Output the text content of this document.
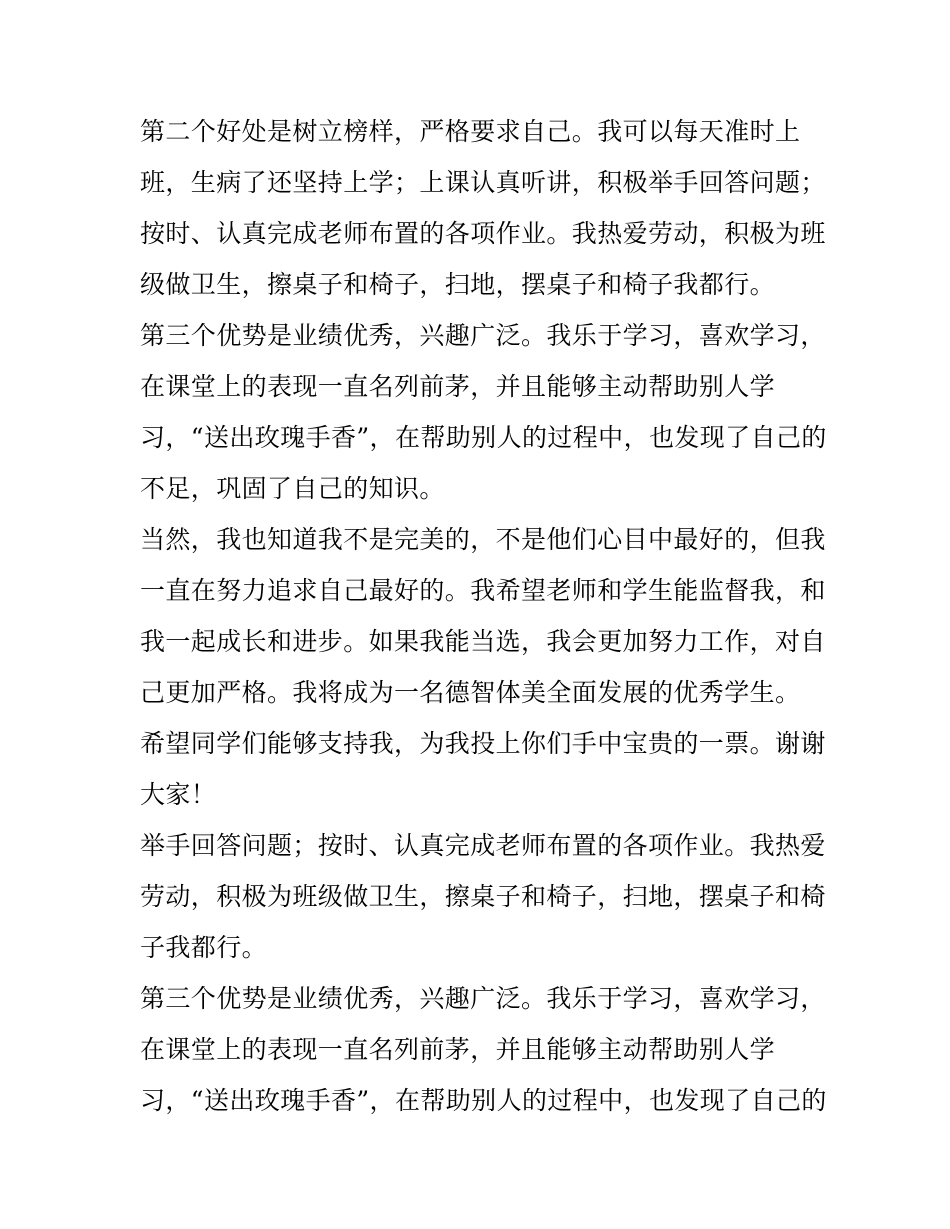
第二个好处是树立榜样，严格要求自己。我可以每天准时上
班，生病了还坚持上学；上课认真听讲，积极举手回答问题；
按时、认真完成老师布置的各项作业。我热爱劳动，积极为班
级做卫生，擦桌子和椅子，扫地，摆桌子和椅子我都行。
第三个优势是业绩优秀，兴趣广泛。我乐于学习，喜欢学习，
在课堂上的表现一直名列前茅，并且能够主动帮助别人学
习，“送出玫瑰手香”，在帮助别人的过程中，也发现了自己的
不足，巩固了自己的知识。
当然，我也知道我不是完美的，不是他们心目中最好的，但我
一直在努力追求自己最好的。我希望老师和学生能监督我，和
我一起成长和进步。如果我能当选，我会更加努力工作，对自
己更加严格。我将成为一名德智体美全面发展的优秀学生。
希望同学们能够支持我，为我投上你们手中宝贵的一票。谢谢
大家！
举手回答问题；按时、认真完成老师布置的各项作业。我热爱
劳动，积极为班级做卫生，擦桌子和椅子，扫地，摆桌子和椅
子我都行。
第三个优势是业绩优秀，兴趣广泛。我乐于学习，喜欢学习，
在课堂上的表现一直名列前茅，并且能够主动帮助别人学
习，“送出玫瑰手香”，在帮助别人的过程中，也发现了自己的
